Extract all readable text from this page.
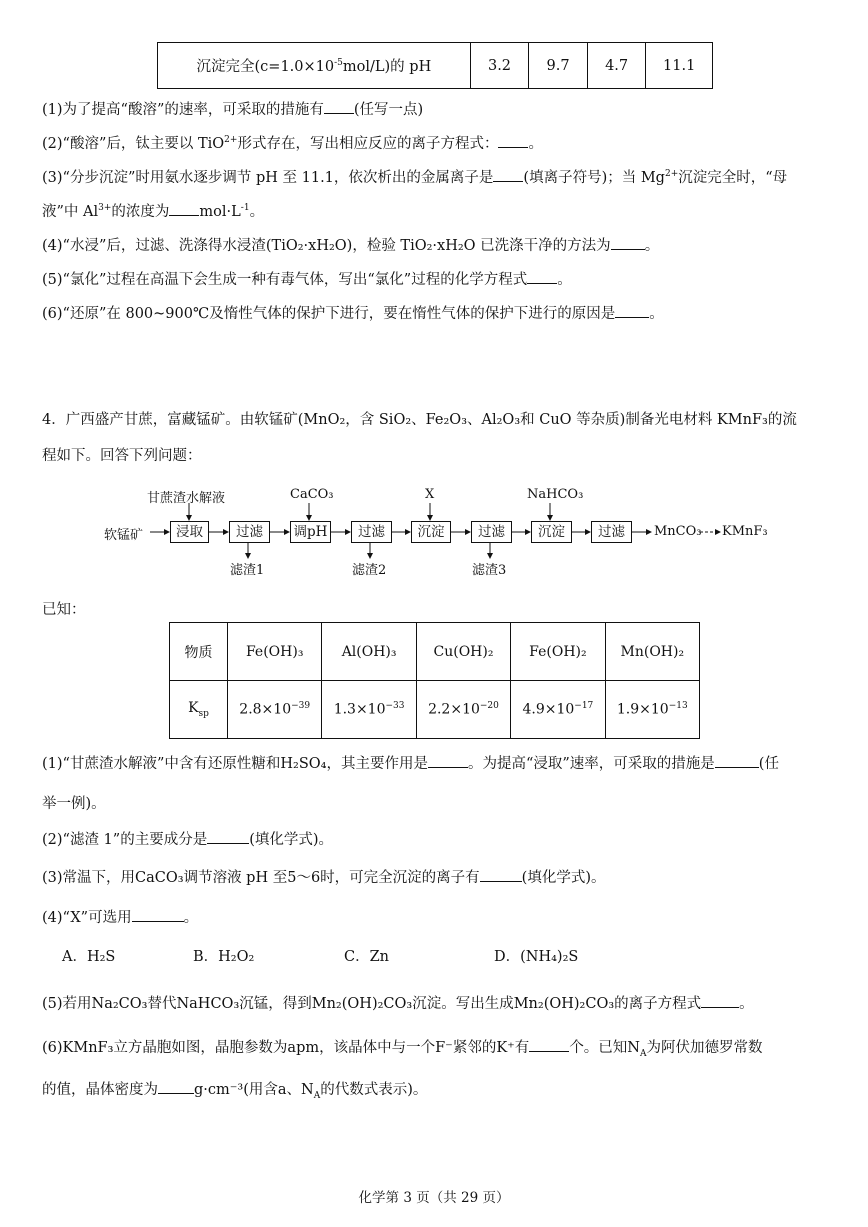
沉淀完全$(c=1.0\times 10^{-5}mol/L)$的 pH	3.2	9.7	4.7	11.1
(1)为了提高“酸溶”的速率，可采取的措施有 (任写一点)
(2)“酸溶”后，钛主要以 TiO$^{2+}$形式存在，写出相应反应的离子方程式： 。
(3)“分步沉淀”时用氨水逐步调节 pH 至 11.1，依次析出的金属离子是 (填离子符号)；当 $Mg^{2+}$沉淀完全时，“母
液”中 $Al^{3+}$的浓度为 $mol\cdot L^{-1}$。
(4)“水浸”后，过滤、洗涤得水浸渣(TiO₂·xH₂O)，检验 TiO₂·xH₂O 已洗涤干净的方法为 。
(5)“氯化”过程在高温下会生成一种有毒气体，写出“氯化”过程的化学方程式 。
(6)“还原”在 800~900℃及惰性气体的保护下进行，要在惰性气体的保护下进行的原因是 。
4．广西盛产甘蔗，富藏锰矿。由软锰矿(MnO₂，含 SiO₂、Fe₂O₃、Al₂O₃和 CuO 等杂质)制备光电材料 KMnF₃的流
程如下。回答下列问题：
软锰矿	浸取	过滤	调pH	过滤	沉淀	过滤	沉淀	过滤
甘蔗渣水解液	CaCO₃	X	NaHCO₃
滤渣1	滤渣2	滤渣3
MnCO₃ KMnF₃
已知：
物质	Fe(OH)₃	Al(OH)₃	Cu(OH)₂	Fe(OH)₂	Mn(OH)₂
$K_{sp}$	$2.8\times 10^{-39}$	$1.3\times 10^{-33}$	$2.2\times 10^{-20}$	$4.9\times 10^{-17}$	$1.9\times 10^{-13}$
(1)“甘蔗渣水解液”中含有还原性糖和H₂SO₄，其主要作用是	。为提高“浸取”速率，可采取的措施是	(任
举一例)。
(2)“滤渣 1”的主要成分是	(填化学式)。
(3)常温下，用CaCO₃调节溶液 pH 至5～6时，可完全沉淀的离子有	(填化学式)。
(4)“X”可选用	。
A．H₂S	B．H₂O₂	C．Zn	D．(NH₄)₂S
(5)若用Na₂CO₃替代NaHCO₃沉锰，得到Mn₂(OH)₂CO₃沉淀。写出生成Mn₂(OH)₂CO₃的离子方程式	。
(6)KMnF₃立方晶胞如图，晶胞参数为apm，该晶体中与一个F⁻紧邻的K⁺有	个。已知$N_A$为阿伏加德罗常数
的值，晶体密度为 g·cm⁻³(用含a、$N_A$的代数式表示)。
化学第 3 页（共 29 页）
